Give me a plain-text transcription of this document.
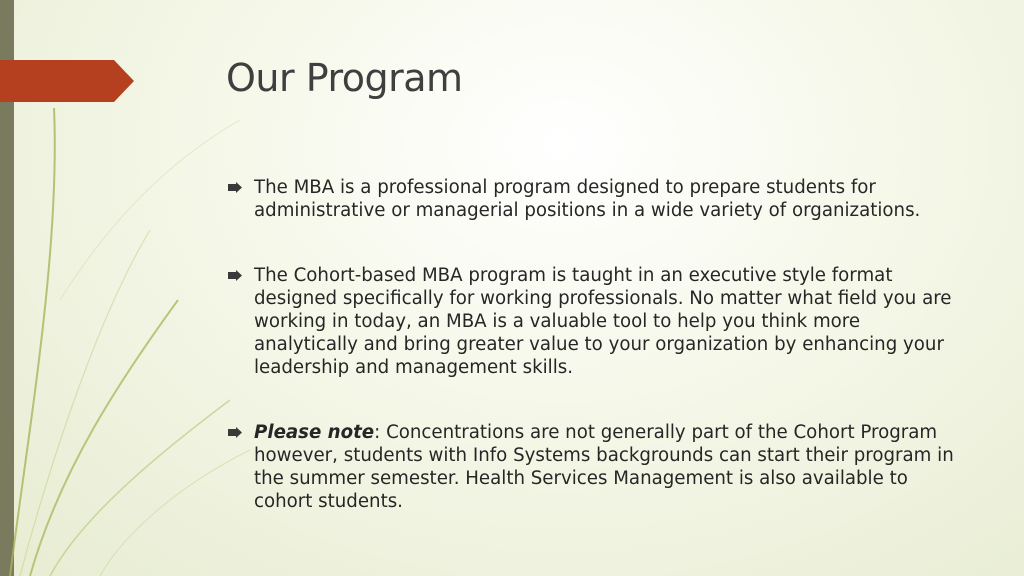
Our Program
The MBA is a professional program designed to prepare students for administrative or managerial positions in a wide variety of organizations.
The Cohort-based MBA program is taught in an executive style format designed specifically for working professionals. No matter what field you are working in today, an MBA is a valuable tool to help you think more analytically and bring greater value to your organization by enhancing your leadership and management skills.
Please note: Concentrations are not generally part of the Cohort Program however, students with Info Systems backgrounds can start their program in the summer semester. Health Services Management is also available to cohort students.
